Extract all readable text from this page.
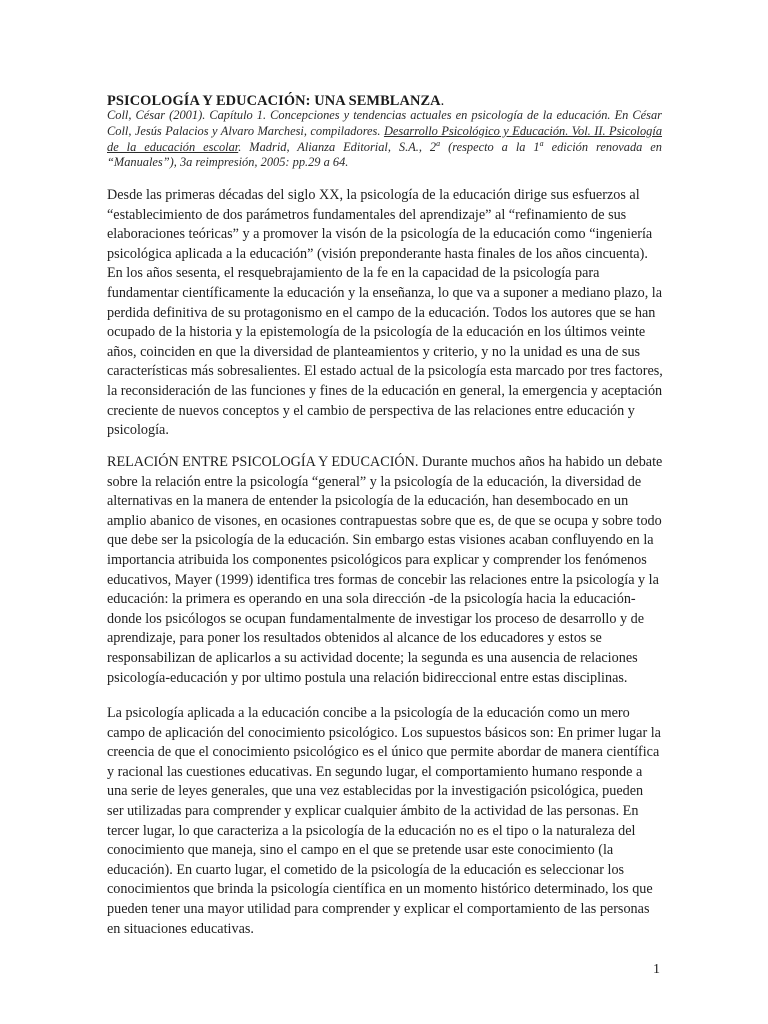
PSICOLOGÍA Y EDUCACIÓN: UNA SEMBLANZA.
Coll, César (2001). Capítulo 1. Concepciones y tendencias actuales en psicología de la educación. En César Coll, Jesús Palacios y Alvaro Marchesi, compiladores. Desarrollo Psicológico y Educación. Vol. II. Psicología de la educación escolar. Madrid, Alianza Editorial, S.A., 2$^a$ (respecto a la 1$^a$ edición renovada en “Manuales”), 3a reimpresión, 2005: pp.29 a 64.

Desde las primeras décadas del siglo XX, la psicología de la educación dirige sus esfuerzos al “establecimiento de dos parámetros fundamentales del aprendizaje” al “refinamiento de sus elaboraciones teóricas” y a promover la visón de la psicología de la educación como “ingeniería psicológica aplicada a la educación” (visión preponderante hasta finales de los años cincuenta). En los años sesenta, el resquebrajamiento de la fe en la capacidad de la psicología para fundamentar científicamente la educación y la enseñanza, lo que va a suponer a mediano plazo, la perdida definitiva de su protagonismo en el campo de la educación. Todos los autores que se han ocupado de la historia y la epistemología de la psicología de la educación en los últimos veinte años, coinciden en que la diversidad de planteamientos y criterio, y no la unidad es una de sus características más sobresalientes. El estado actual de la psicología esta marcado por tres factores, la reconsideración de las funciones y fines de la educación en general, la emergencia y aceptación creciente de nuevos conceptos y el cambio de perspectiva de las relaciones entre educación y psicología.

RELACIÓN ENTRE PSICOLOGÍA Y EDUCACIÓN. Durante muchos años ha habido un debate sobre la relación entre la psicología “general” y la psicología de la educación, la diversidad de alternativas en la manera de entender la psicología de la educación, han desembocado en un amplio abanico de visones, en ocasiones contrapuestas sobre que es, de que se ocupa y sobre todo que debe ser la psicología de la educación. Sin embargo estas visiones acaban confluyendo en la importancia atribuida los componentes psicológicos para explicar y comprender los fenómenos educativos, Mayer (1999) identifica tres formas de concebir las relaciones entre la psicología y la educación: la primera es operando en una sola dirección -de la psicología hacia la educación- donde los psicólogos se ocupan fundamentalmente de investigar los proceso de desarrollo y de aprendizaje, para poner los resultados obtenidos al alcance de los educadores y estos se responsabilizan de aplicarlos a su actividad docente; la segunda es una ausencia de relaciones psicología-educación y por ultimo postula una relación bidireccional entre estas disciplinas.

La psicología aplicada a la educación concibe a la psicología de la educación como un mero campo de aplicación del conocimiento psicológico. Los supuestos básicos son: En primer lugar la creencia de que el conocimiento psicológico es el único que permite abordar de manera científica y racional las cuestiones educativas. En segundo lugar, el comportamiento humano responde a una serie de leyes generales, que una vez establecidas por la investigación psicológica, pueden ser utilizadas para comprender y explicar cualquier ámbito de la actividad de las personas. En tercer lugar, lo que caracteriza a la psicología de la educación no es el tipo o la naturaleza del conocimiento que maneja, sino el campo en el que se pretende usar este conocimiento (la educación). En cuarto lugar, el cometido de la psicología de la educación es seleccionar los conocimientos que brinda la psicología científica en un momento histórico determinado, los que pueden tener una mayor utilidad para comprender y explicar el comportamiento de las personas en situaciones educativas.

1
